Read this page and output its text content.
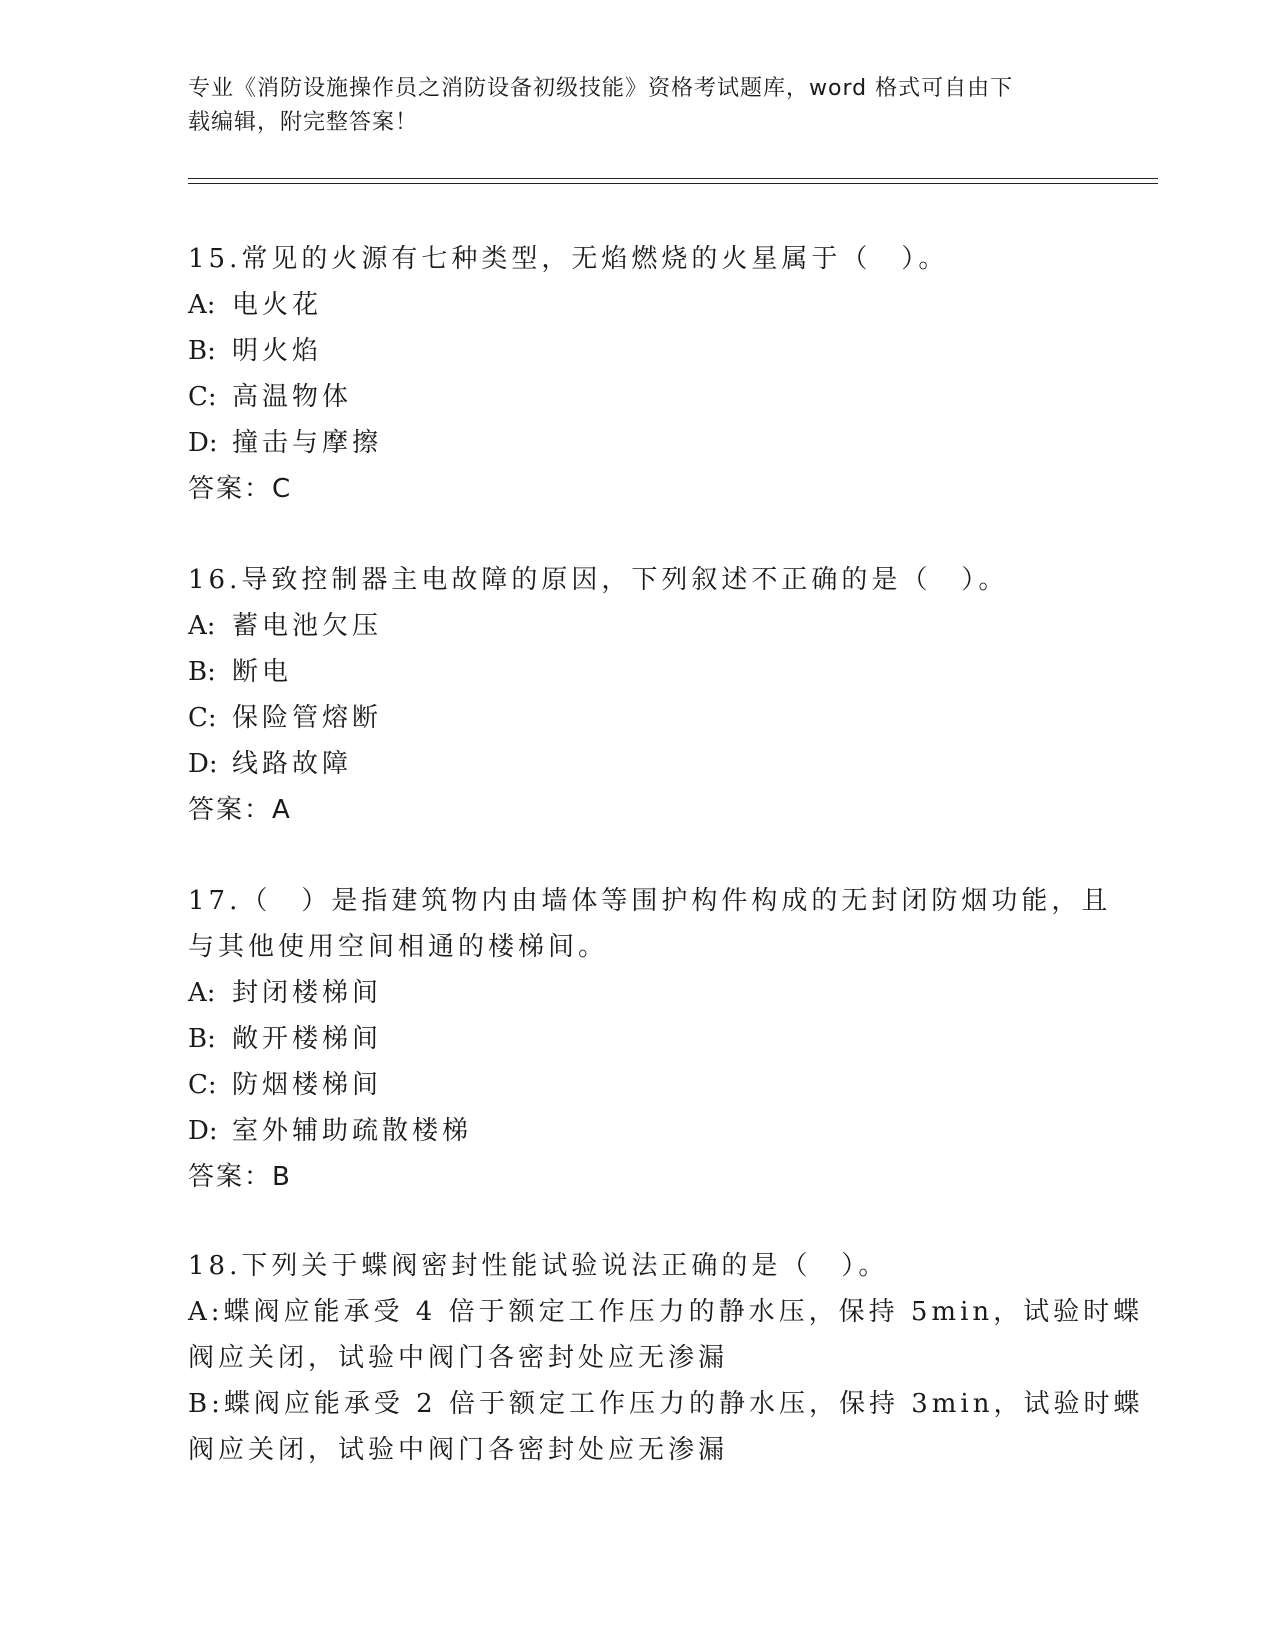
专业《消防设施操作员之消防设备初级技能》资格考试题库，word 格式可自由下
载编辑，附完整答案！
15.常见的火源有七种类型，无焰燃烧的火星属于（　）。
A: 电火花
B: 明火焰
C: 高温物体
D: 撞击与摩擦
答案：C
16.导致控制器主电故障的原因，下列叙述不正确的是（　）。
A: 蓄电池欠压
B: 断电
C: 保险管熔断
D: 线路故障
答案：A
17.（　）是指建筑物内由墙体等围护构件构成的无封闭防烟功能，且
与其他使用空间相通的楼梯间。
A: 封闭楼梯间
B: 敞开楼梯间
C: 防烟楼梯间
D: 室外辅助疏散楼梯
答案：B
18.下列关于蝶阀密封性能试验说法正确的是（　）。
A:蝶阀应能承受 4 倍于额定工作压力的静水压，保持 5min，试验时蝶
阀应关闭，试验中阀门各密封处应无渗漏
B:蝶阀应能承受 2 倍于额定工作压力的静水压，保持 3min，试验时蝶
阀应关闭，试验中阀门各密封处应无渗漏
